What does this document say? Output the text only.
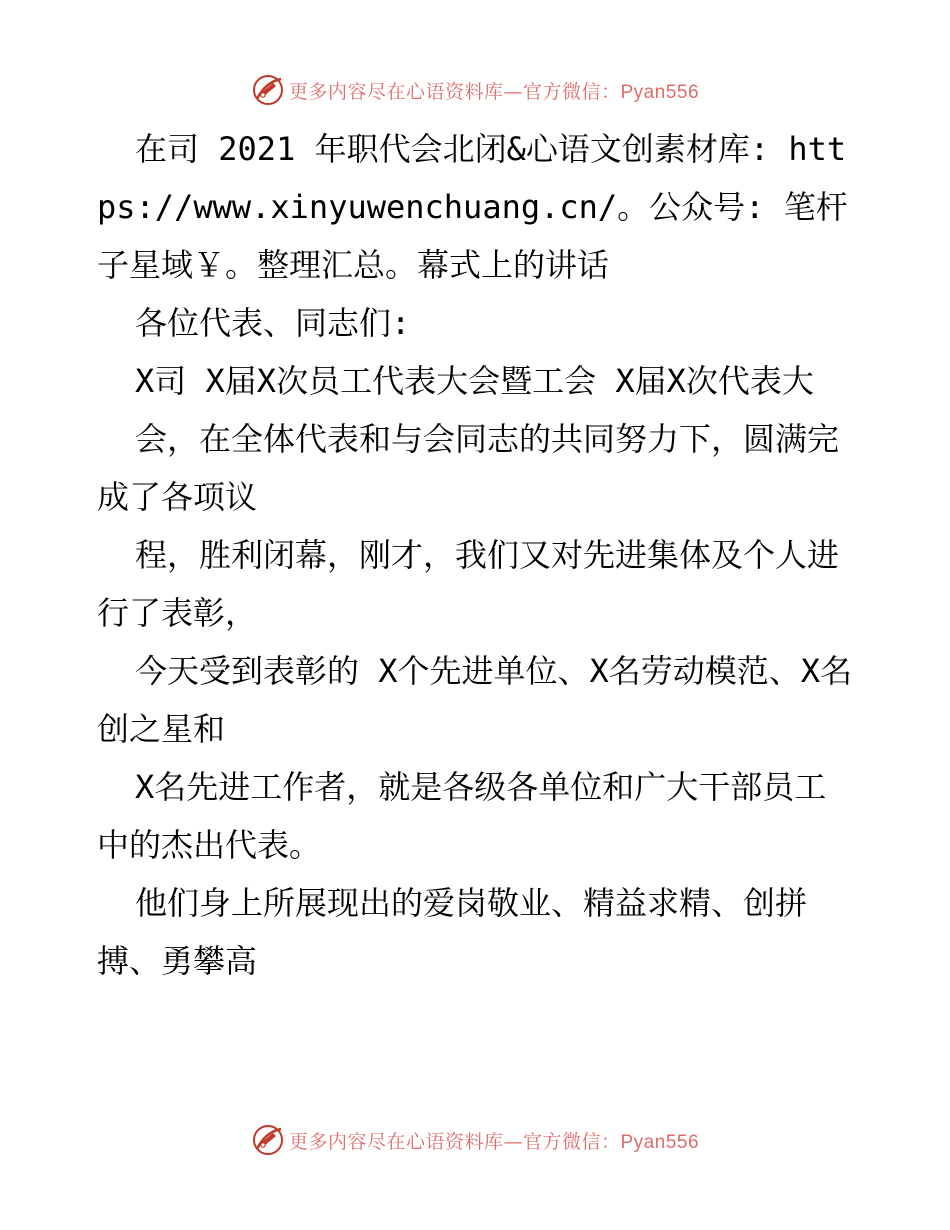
更多内容尽在心语资料库—官方微信：Pyan556

在司 2021 年职代会北闭&心语文创素材库: https://www.xinyuwenchuang.cn/。公众号: 笔杆子星域￥。整理汇总。幕式上的讲话

各位代表、同志们:

X司 X届X次员工代表大会暨工会 X届X次代表大

会，在全体代表和与会同志的共同努力下，圆满完成了各项议

程，胜利闭幕，刚才，我们又对先进集体及个人进行了表彰，

今天受到表彰的 X个先进单位、X名劳动模范、X名创之星和

X名先进工作者，就是各级各单位和广大干部员工中的杰出代表。

他们身上所展现出的爱岗敬业、精益求精、创拼搏、勇攀高

更多内容尽在心语资料库—官方微信：Pyan556
